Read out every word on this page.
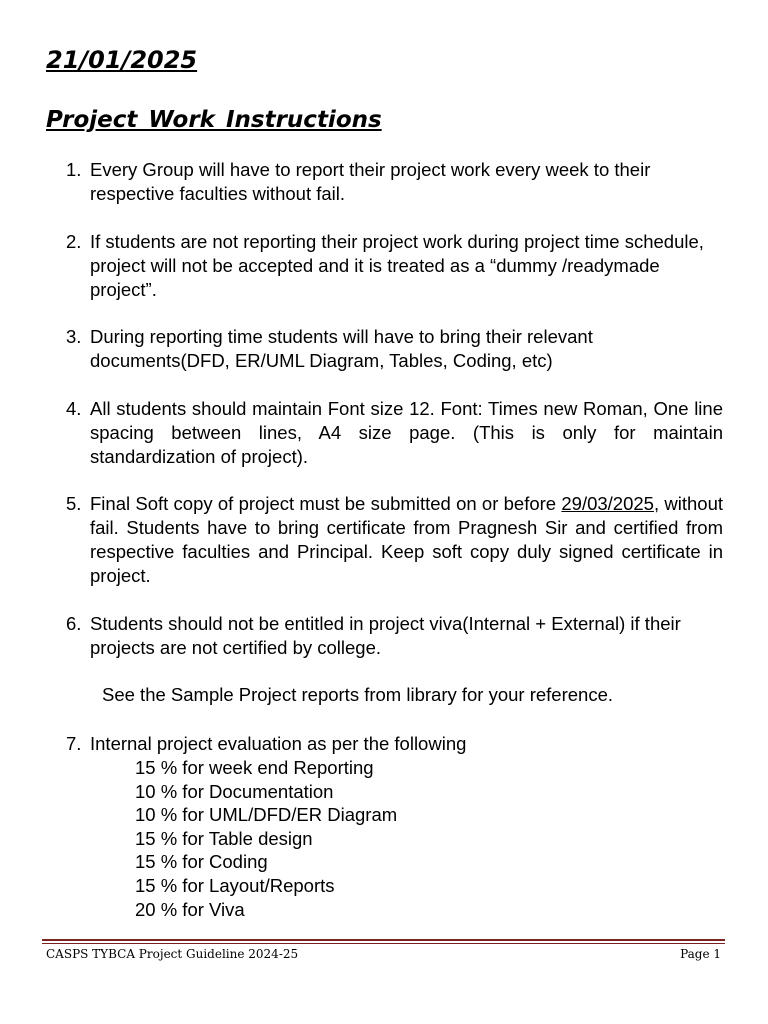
21/01/2025
Project Work Instructions
1. Every Group will have to report their project work every week to their respective faculties without fail.
2. If students are not reporting their project work during project time schedule, project will not be accepted and it is treated as a “dummy /readymade project”.
3. During reporting time students will have to bring their relevant documents(DFD, ER/UML Diagram, Tables, Coding, etc)
4. All students should maintain Font size 12. Font: Times new Roman, One line spacing between lines, A4 size page. (This is only for maintain standardization of project).
5. Final Soft copy of project must be submitted on or before 29/03/2025, without fail. Students have to bring certificate from Pragnesh Sir and certified from respective faculties and Principal. Keep soft copy duly signed certificate in project.
6. Students should not be entitled in project viva(Internal + External) if their projects are not certified by college.
See the Sample Project reports from library for your reference.
7. Internal project evaluation as per the following
15 % for week end Reporting
10 % for Documentation
10 % for UML/DFD/ER Diagram
15 % for Table design
15 % for Coding
15 % for Layout/Reports
20 % for Viva
CASPS TYBCA Project Guideline 2024-25	Page 1
